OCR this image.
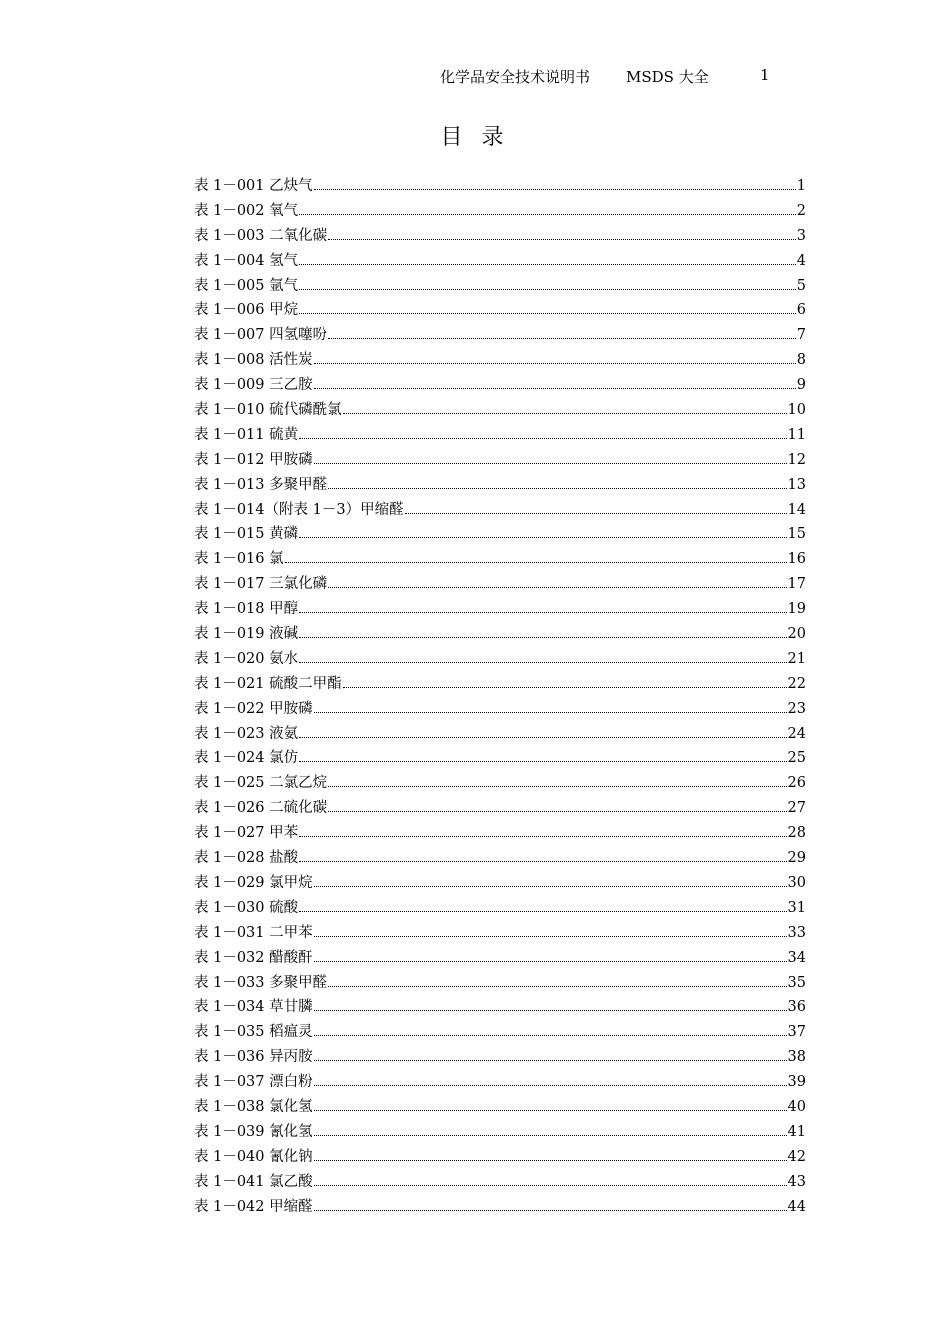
化学品安全技术说明书 MSDS 大全	1
目 录
表 1－001 乙炔气	1
表 1－002 氧气	2
表 1－003 二氧化碳	3
表 1－004 氢气	4
表 1－005 氩气	5
表 1－006 甲烷	6
表 1－007 四氢噻吩	7
表 1－008 活性炭	8
表 1－009 三乙胺	9
表 1－010 硫代磷酰氯	10
表 1－011 硫黄	11
表 1－012 甲胺磷	12
表 1－013 多聚甲醛	13
表 1－014（附表 1－3）甲缩醛	14
表 1－015 黄磷	15
表 1－016 氯	16
表 1－017 三氯化磷	17
表 1－018 甲醇	19
表 1－019 液碱	20
表 1－020 氨水	21
表 1－021 硫酸二甲酯	22
表 1－022 甲胺磷	23
表 1－023 液氨	24
表 1－024 氯仿	25
表 1－025 二氯乙烷	26
表 1－026 二硫化碳	27
表 1－027 甲苯	28
表 1－028 盐酸	29
表 1－029 氯甲烷	30
表 1－030 硫酸	31
表 1－031 二甲苯	33
表 1－032 醋酸酐	34
表 1－033 多聚甲醛	35
表 1－034 草甘膦	36
表 1－035 稻瘟灵	37
表 1－036 异丙胺	38
表 1－037 漂白粉	39
表 1－038 氯化氢	40
表 1－039 氰化氢	41
表 1－040 氰化钠	42
表 1－041 氯乙酸	43
表 1－042 甲缩醛	44
